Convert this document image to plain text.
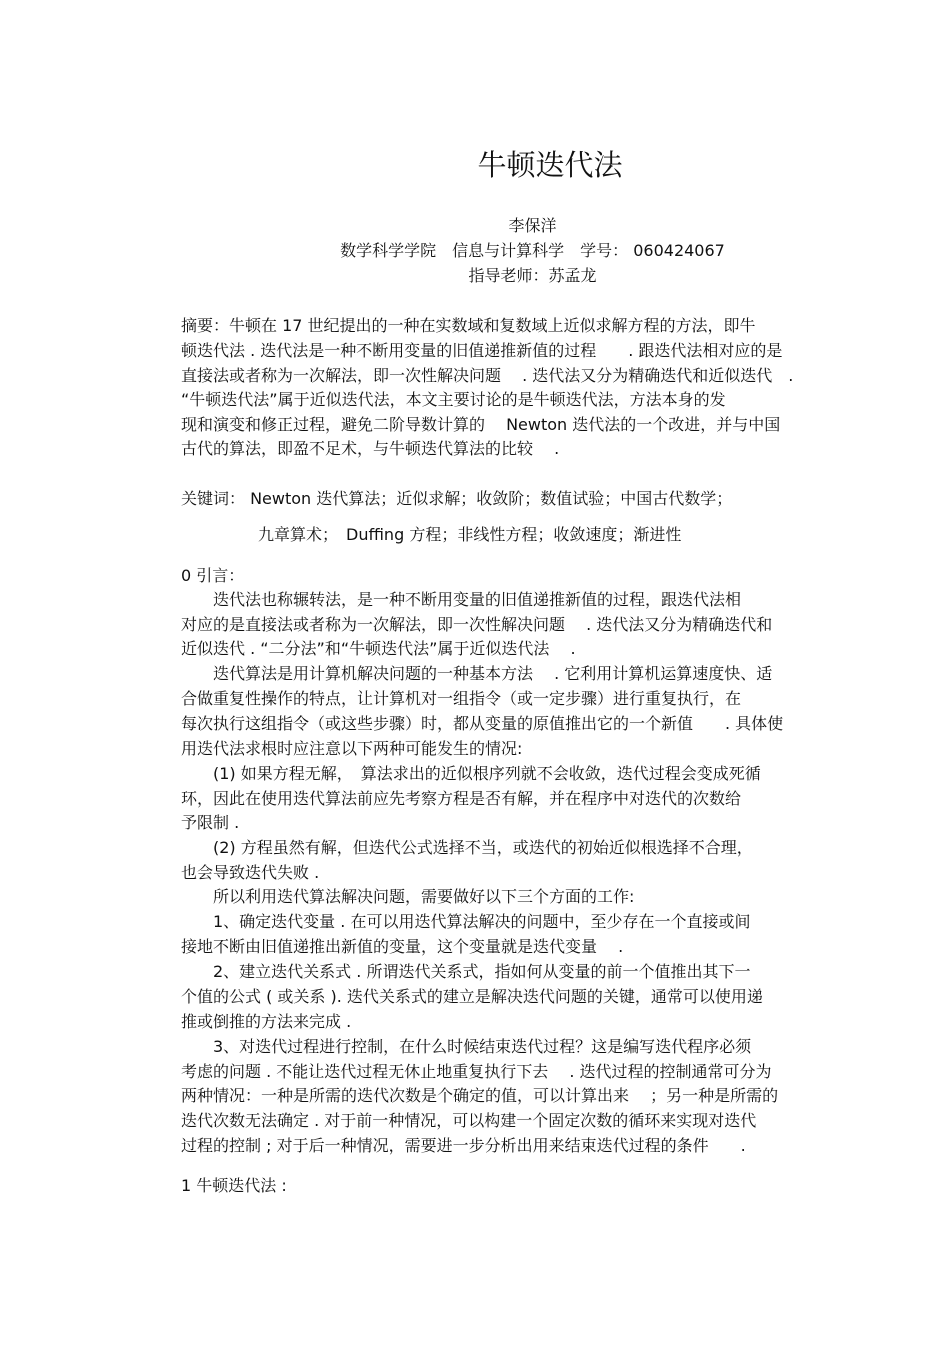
牛顿迭代法
李保洋
数学科学学院　信息与计算科学　学号： 060424067
指导老师：苏孟龙
摘要：牛顿在 17 世纪提出的一种在实数域和复数域上近似求解方程的方法，即牛
顿迭代法 . 迭代法是一种不断用变量的旧值递推新值的过程　　. 跟迭代法相对应的是
直接法或者称为一次解法，即一次性解决问题　 . 迭代法又分为精确迭代和近似迭代　.
“牛顿迭代法”属于近似迭代法，本文主要讨论的是牛顿迭代法，方法本身的发
现和演变和修正过程，避免二阶导数计算的　 Newton 迭代法的一个改进，并与中国
古代的算法，即盈不足术，与牛顿迭代算法的比较　 .
关键词： Newton 迭代算法；近似求解；收敛阶；数值试验；中国古代数学；
九章算术；　Duffing 方程；非线性方程；收敛速度；渐进性
0 引言：
　　迭代法也称辗转法，是一种不断用变量的旧值递推新值的过程，跟迭代法相
对应的是直接法或者称为一次解法，即一次性解决问题　 . 迭代法又分为精确迭代和
近似迭代 . “二分法”和“牛顿迭代法”属于近似迭代法　 .
　　迭代算法是用计算机解决问题的一种基本方法　 . 它利用计算机运算速度快、适
合做重复性操作的特点，让计算机对一组指令（或一定步骤）进行重复执行，在
每次执行这组指令（或这些步骤）时，都从变量的原值推出它的一个新值　　. 具体使
用迭代法求根时应注意以下两种可能发生的情况:
　　(1) 如果方程无解，　算法求出的近似根序列就不会收敛，迭代过程会变成死循
环，因此在使用迭代算法前应先考察方程是否有解，并在程序中对迭代的次数给
予限制 .
　　(2) 方程虽然有解，但迭代公式选择不当，或迭代的初始近似根选择不合理，
也会导致迭代失败 .
　　所以利用迭代算法解决问题，需要做好以下三个方面的工作:
　　1、确定迭代变量 . 在可以用迭代算法解决的问题中，至少存在一个直接或间
接地不断由旧值递推出新值的变量，这个变量就是迭代变量　 .
　　2、建立迭代关系式 . 所谓迭代关系式，指如何从变量的前一个值推出其下一
个值的公式 ( 或关系 ). 迭代关系式的建立是解决迭代问题的关键，通常可以使用递
推或倒推的方法来完成 .
　　3、对迭代过程进行控制，在什么时候结束迭代过程？这是编写迭代程序必须
考虑的问题 . 不能让迭代过程无休止地重复执行下去　 . 迭代过程的控制通常可分为
两种情况：一种是所需的迭代次数是个确定的值，可以计算出来　 ；另一种是所需的
迭代次数无法确定 . 对于前一种情况，可以构建一个固定次数的循环来实现对迭代
过程的控制 ; 对于后一种情况，需要进一步分析出用来结束迭代过程的条件　　.
1 牛顿迭代法 :
